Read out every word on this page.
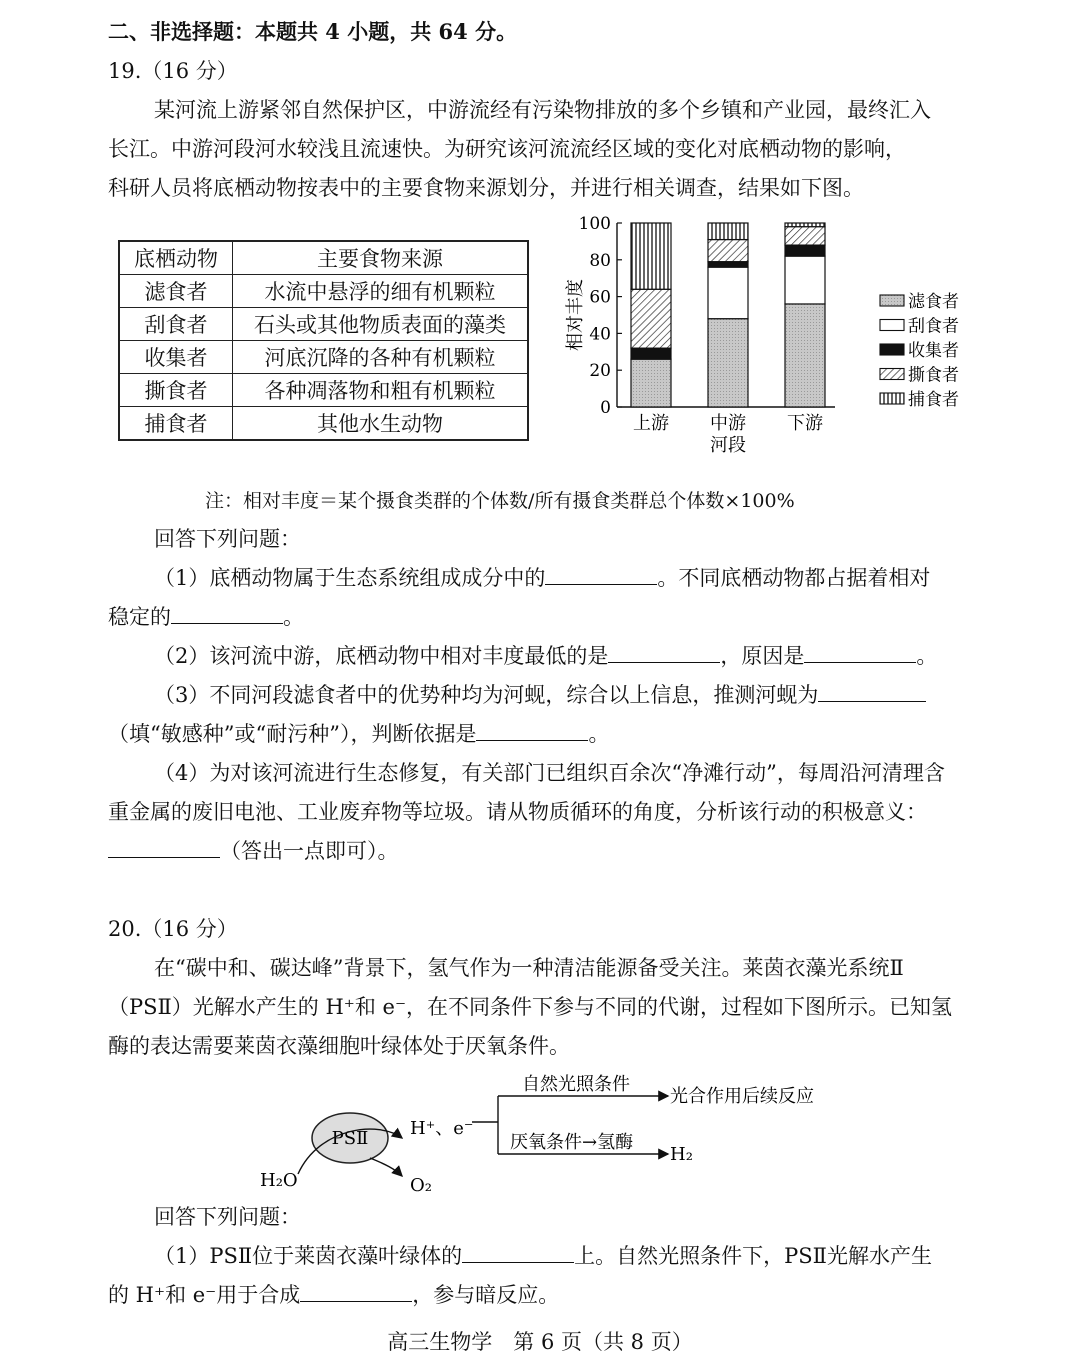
二、非选择题：本题共 4 小题，共 64 分。
19.（16 分）
某河流上游紧邻自然保护区，中游流经有污染物排放的多个乡镇和产业园，最终汇入
长江。中游河段河水较浅且流速快。为研究该河流流经区域的变化对底栖动物的影响，
科研人员将底栖动物按表中的主要食物来源划分，并进行相关调查，结果如下图。
底栖动物	主要食物来源
滤食者	水流中悬浮的细有机颗粒
刮食者	石头或其他物质表面的藻类
收集者	河底沉降的各种有机颗粒
撕食者	各种凋落物和粗有机颗粒
捕食者	其他水生动物
0
20
40
60
80
100
相对丰度
上游 中游
河段
下游
滤食者
刮食者
收集者
撕食者
捕食者
注：相对丰度＝某个摄食类群的个体数/所有摄食类群总个体数×100%
回答下列问题：
（1）底栖动物属于生态系统组成成分中的	。不同底栖动物都占据着相对
稳定的	。
（2）该河流中游，底栖动物中相对丰度最低的是	，原因是	。
（3）不同河段滤食者中的优势种均为河蚬，综合以上信息，推测河蚬为
（填“敏感种”或“耐污种”），判断依据是	。
（4）为对该河流进行生态修复，有关部门已组织百余次“净滩行动”，每周沿河清理含
重金属的废旧电池、工业废弃物等垃圾。请从物质循环的角度，分析该行动的积极意义：
（答出一点即可）。
20.（16 分）
在“碳中和、碳达峰”背景下，氢气作为一种清洁能源备受关注。莱茵衣藻光系统Ⅱ
（PSⅡ）光解水产生的 H⁺和 e⁻，在不同条件下参与不同的代谢，过程如下图所示。已知氢
酶的表达需要莱茵衣藻细胞叶绿体处于厌氧条件。
PSⅡ
H₂O	O₂
H⁺、e⁻
自然光照条件
光合作用后续反应
厌氧条件→氢酶
H₂
回答下列问题：
（1）PSⅡ位于莱茵衣藻叶绿体的	上。自然光照条件下，PSⅡ光解水产生
的 H⁺和 e⁻用于合成	，参与暗反应。
高三生物学　第 6 页（共 8 页）
